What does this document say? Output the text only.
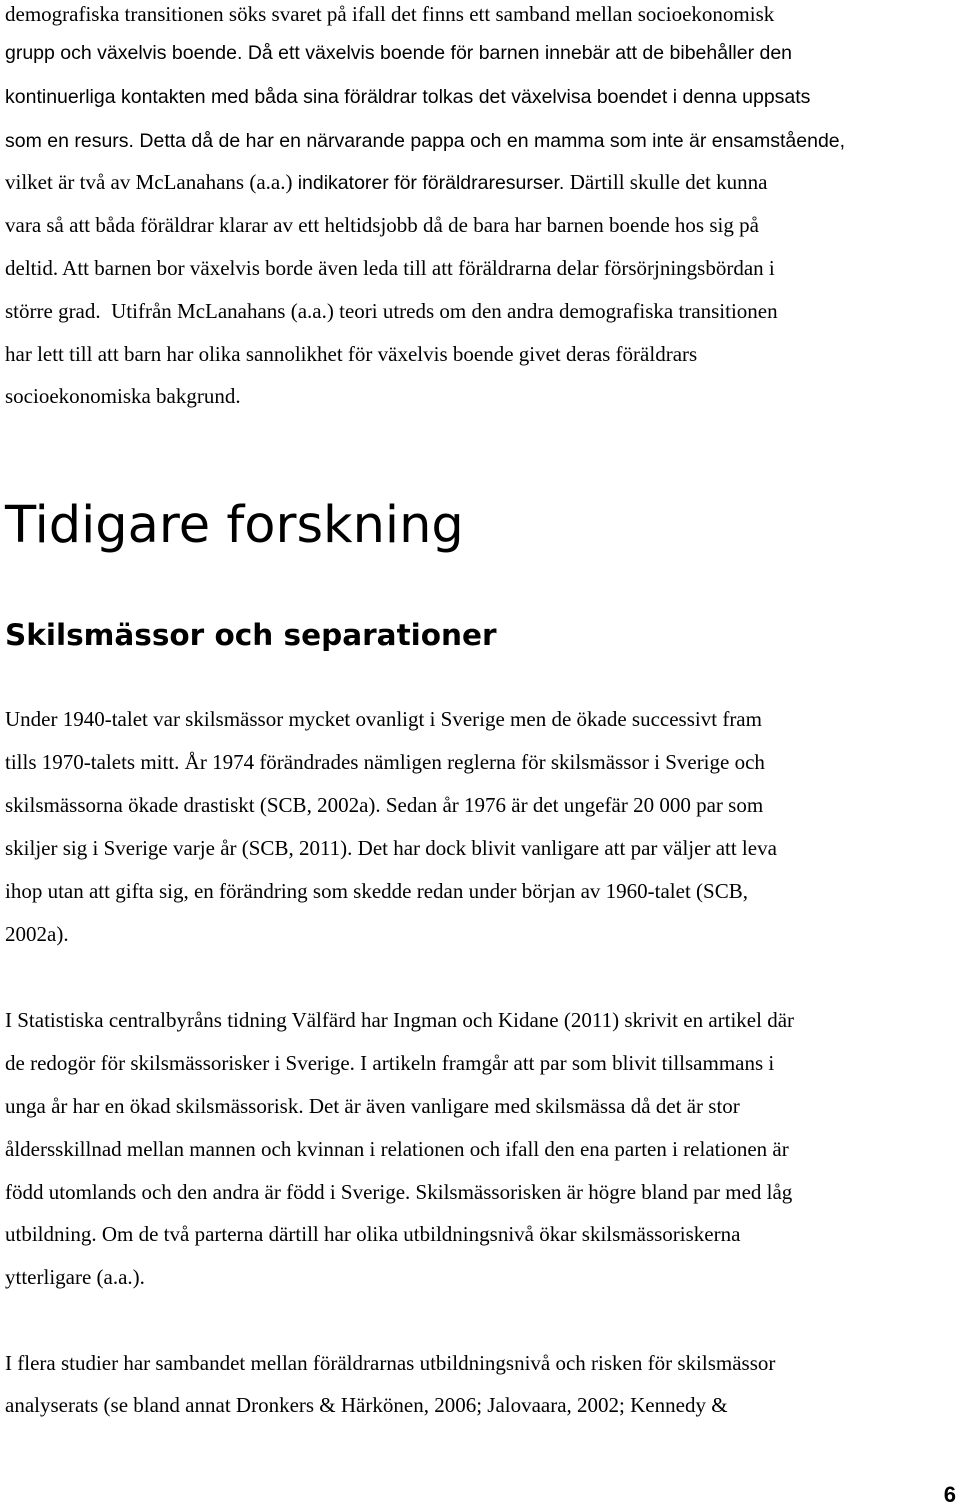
demografiska transitionen söks svaret på ifall det finns ett samband mellan socioekonomisk
grupp och växelvis boende. Då ett växelvis boende för barnen innebär att de bibehåller den
kontinuerliga kontakten med båda sina föräldrar tolkas det växelvisa boendet i denna uppsats
som en resurs. Detta då de har en närvarande pappa och en mamma som inte är ensamstående,
vilket är två av McLanahans (a.a.) indikatorer för föräldraresurser. Därtill skulle det kunna
vara så att båda föräldrar klarar av ett heltidsjobb då de bara har barnen boende hos sig på
deltid. Att barnen bor växelvis borde även leda till att föräldrarna delar försörjningsbördan i
större grad.  Utifrån McLanahans (a.a.) teori utreds om den andra demografiska transitionen
har lett till att barn har olika sannolikhet för växelvis boende givet deras föräldrars
socioekonomiska bakgrund.
Tidigare forskning
Skilsmässor och separationer
Under 1940-talet var skilsmässor mycket ovanligt i Sverige men de ökade successivt fram
tills 1970-talets mitt. År 1974 förändrades nämligen reglerna för skilsmässor i Sverige och
skilsmässorna ökade drastiskt (SCB, 2002a). Sedan år 1976 är det ungefär 20 000 par som
skiljer sig i Sverige varje år (SCB, 2011). Det har dock blivit vanligare att par väljer att leva
ihop utan att gifta sig, en förändring som skedde redan under början av 1960-talet (SCB,
2002a).
I Statistiska centralbyråns tidning Välfärd har Ingman och Kidane (2011) skrivit en artikel där
de redogör för skilsmässorisker i Sverige. I artikeln framgår att par som blivit tillsammans i
unga år har en ökad skilsmässorisk. Det är även vanligare med skilsmässa då det är stor
åldersskillnad mellan mannen och kvinnan i relationen och ifall den ena parten i relationen är
född utomlands och den andra är född i Sverige. Skilsmässorisken är högre bland par med låg
utbildning. Om de två parterna därtill har olika utbildningsnivå ökar skilsmässoriskerna
ytterligare (a.a.).
I flera studier har sambandet mellan föräldrarnas utbildningsnivå och risken för skilsmässor
analyserats (se bland annat Dronkers & Härkönen, 2006; Jalovaara, 2002; Kennedy &
6
